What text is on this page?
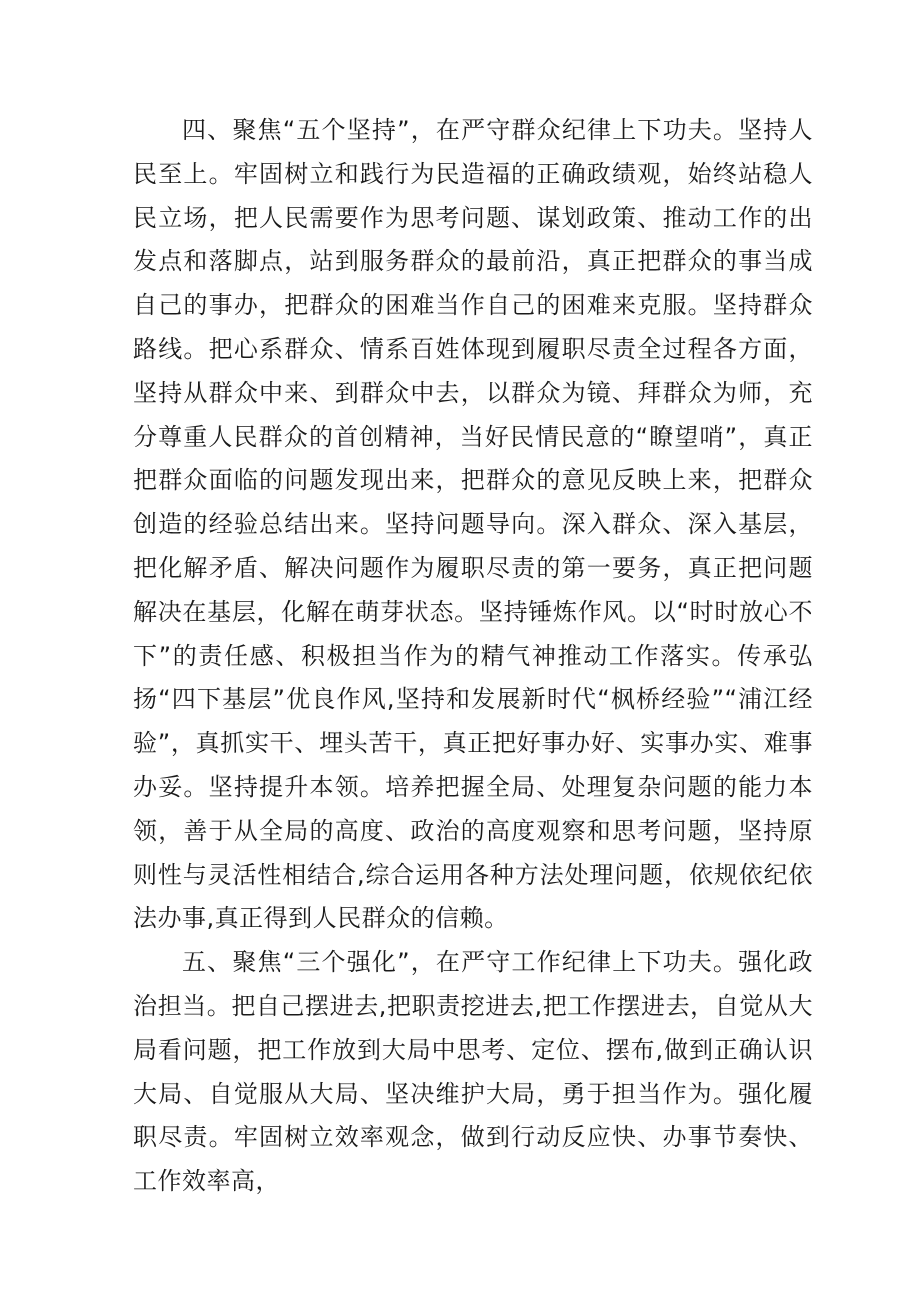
四、聚焦“五个坚持”，在严守群众纪律上下功夫。坚持人民至上。牢固树立和践行为民造福的正确政绩观，始终站稳人民立场，把人民需要作为思考问题、谋划政策、推动工作的出发点和落脚点，站到服务群众的最前沿，真正把群众的事当成自己的事办，把群众的困难当作自己的困难来克服。坚持群众路线。把心系群众、情系百姓体现到履职尽责全过程各方面，坚持从群众中来、到群众中去，以群众为镜、拜群众为师，充分尊重人民群众的首创精神，当好民情民意的“瞭望哨”，真正把群众面临的问题发现出来，把群众的意见反映上来，把群众创造的经验总结出来。坚持问题导向。深入群众、深入基层，把化解矛盾、解决问题作为履职尽责的第一要务，真正把问题解决在基层，化解在萌芽状态。坚持锤炼作风。以“时时放心不下”的责任感、积极担当作为的精气神推动工作落实。传承弘扬“四下基层”优良作风,坚持和发展新时代“枫桥经验”“浦江经验”，真抓实干、埋头苦干，真正把好事办好、实事办实、难事办妥。坚持提升本领。培养把握全局、处理复杂问题的能力本领，善于从全局的高度、政治的高度观察和思考问题，坚持原则性与灵活性相结合,综合运用各种方法处理问题，依规依纪依法办事,真正得到人民群众的信赖。

五、聚焦“三个强化”，在严守工作纪律上下功夫。强化政治担当。把自己摆进去,把职责挖进去,把工作摆进去，自觉从大局看问题，把工作放到大局中思考、定位、摆布,做到正确认识大局、自觉服从大局、坚决维护大局，勇于担当作为。强化履职尽责。牢固树立效率观念，做到行动反应快、办事节奏快、工作效率高，
